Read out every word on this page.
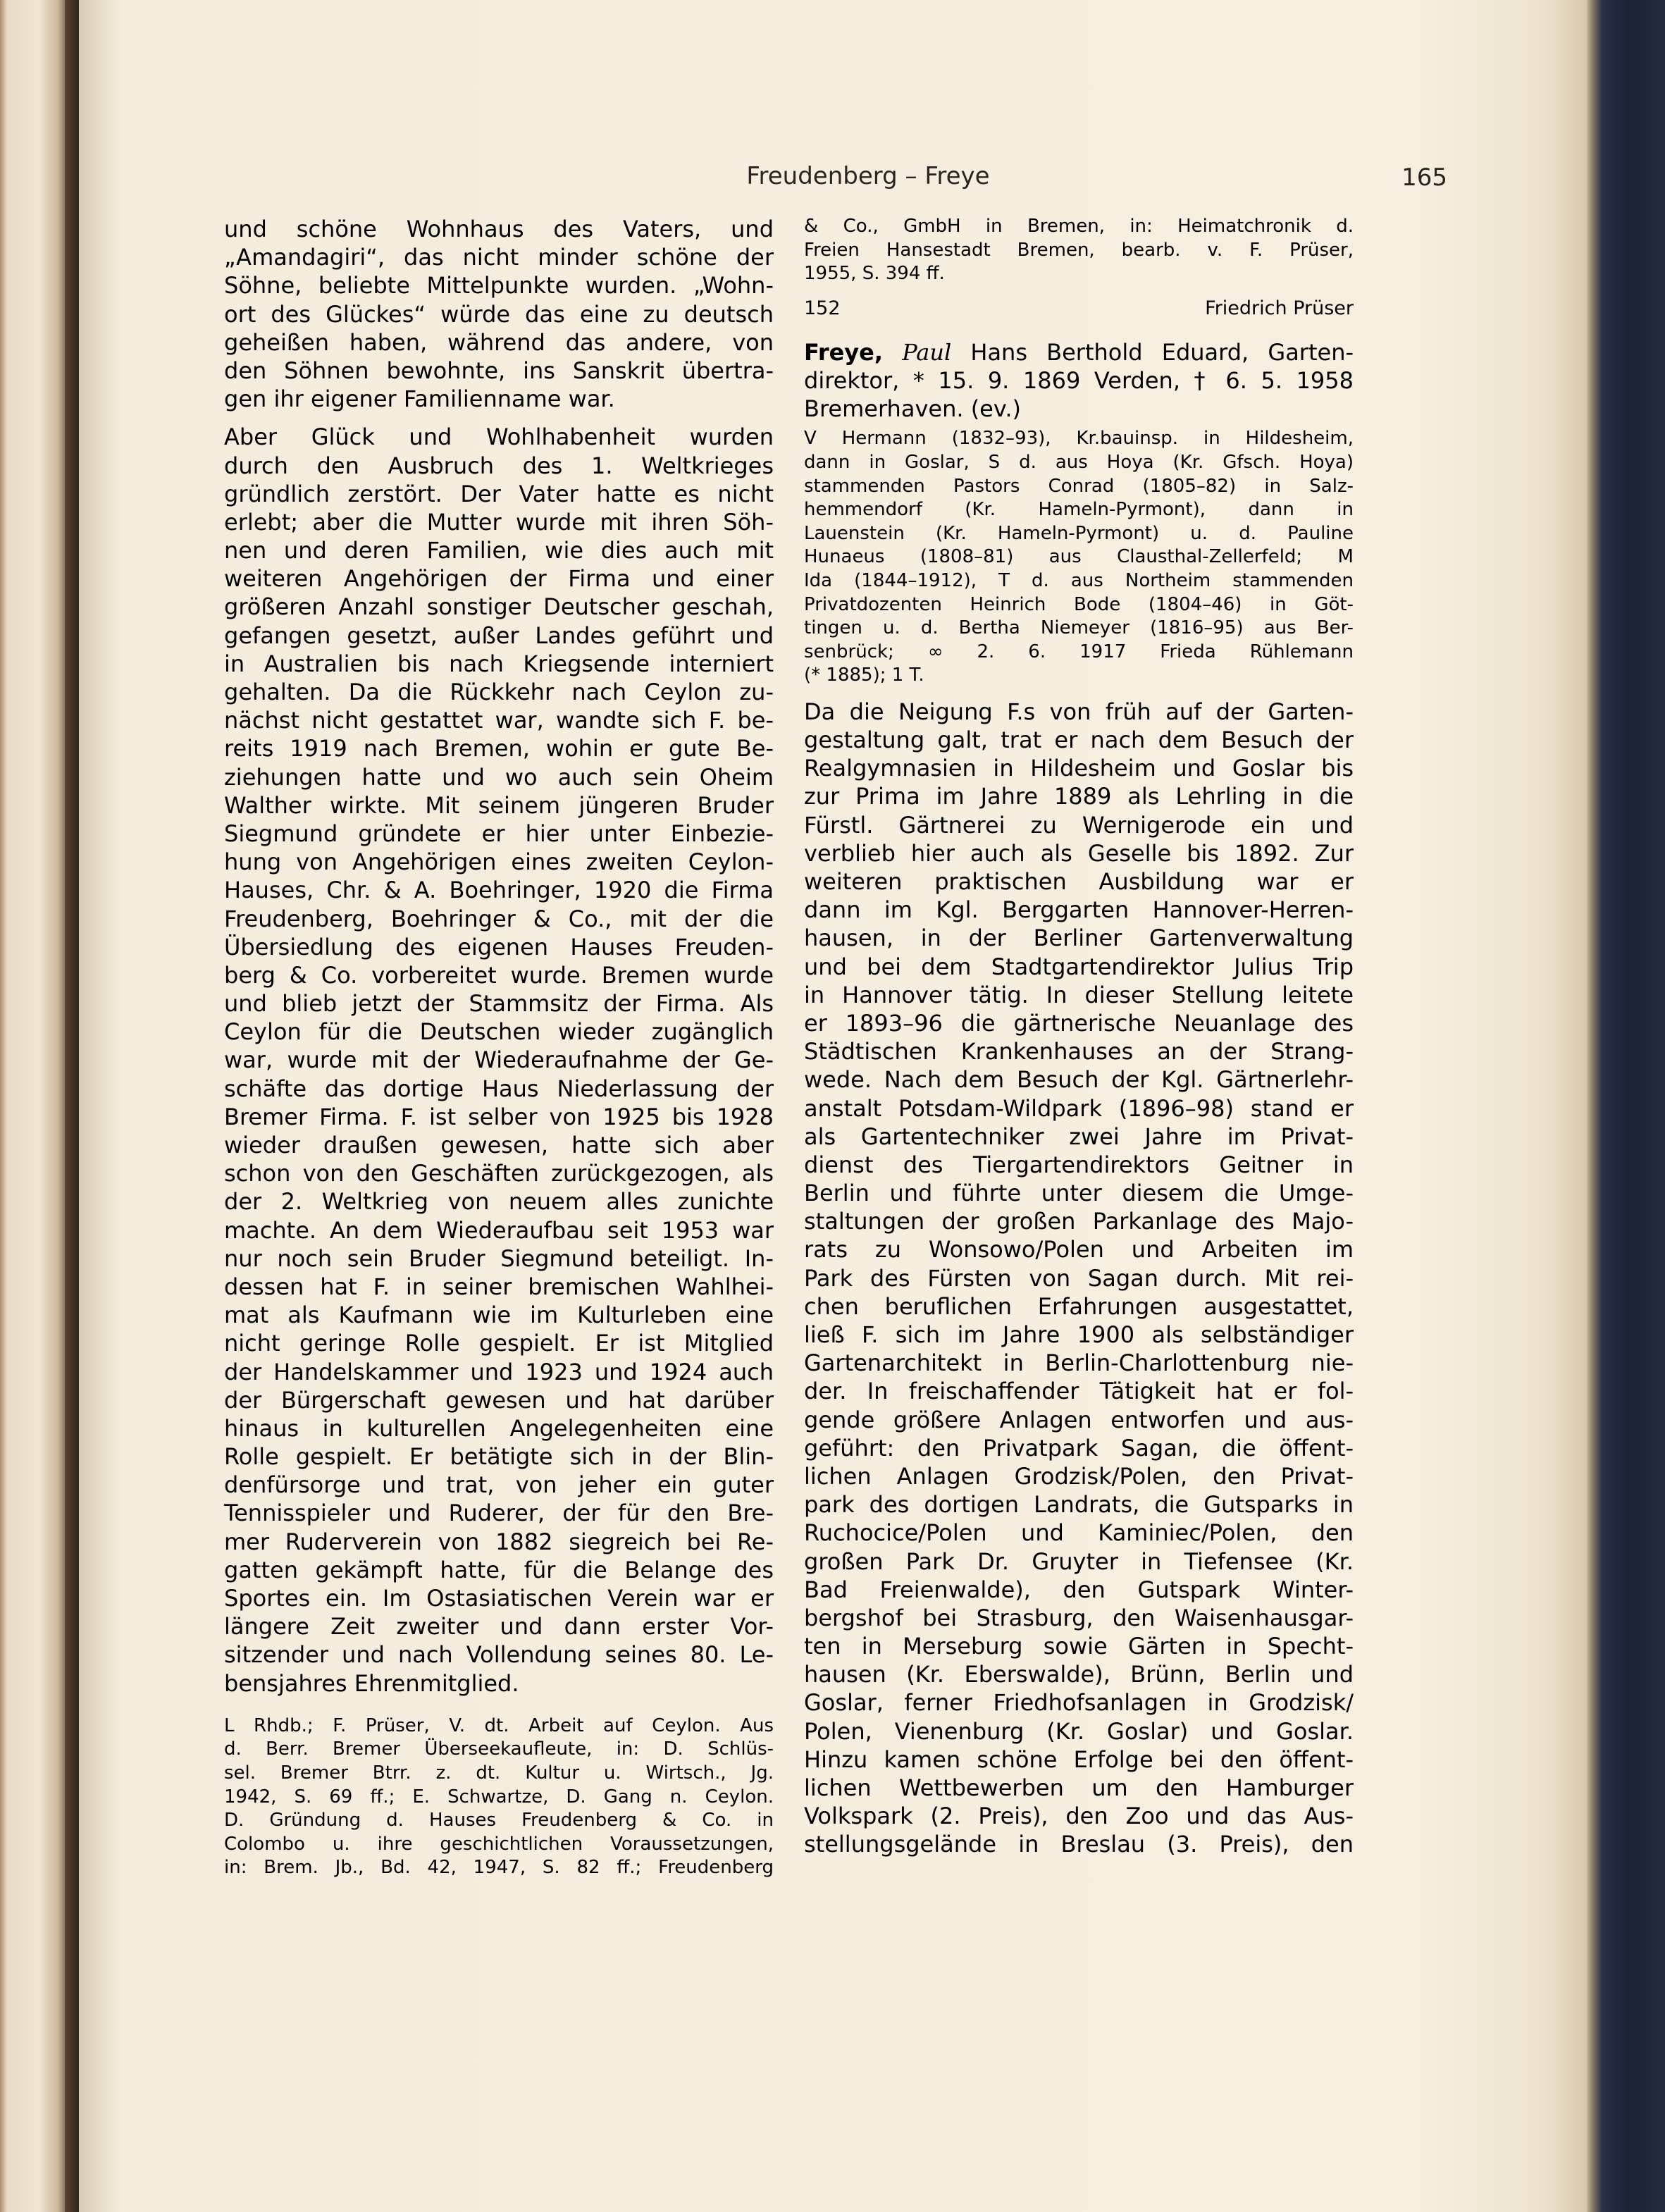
Freudenberg – Freye	165
und schöne Wohnhaus des Vaters, und
„Amandagiri“, das nicht minder schöne der
Söhne, beliebte Mittelpunkte wurden. „Wohn-
ort des Glückes“ würde das eine zu deutsch
geheißen haben, während das andere, von
den Söhnen bewohnte, ins Sanskrit übertra-
gen ihr eigener Familienname war.
Aber Glück und Wohlhabenheit wurden
durch den Ausbruch des 1. Weltkrieges
gründlich zerstört. Der Vater hatte es nicht
erlebt; aber die Mutter wurde mit ihren Söh-
nen und deren Familien, wie dies auch mit
weiteren Angehörigen der Firma und einer
größeren Anzahl sonstiger Deutscher geschah,
gefangen gesetzt, außer Landes geführt und
in Australien bis nach Kriegsende interniert
gehalten. Da die Rückkehr nach Ceylon zu-
nächst nicht gestattet war, wandte sich F. be-
reits 1919 nach Bremen, wohin er gute Be-
ziehungen hatte und wo auch sein Oheim
Walther wirkte. Mit seinem jüngeren Bruder
Siegmund gründete er hier unter Einbezie-
hung von Angehörigen eines zweiten Ceylon-
Hauses, Chr. & A. Boehringer, 1920 die Firma
Freudenberg, Boehringer & Co., mit der die
Übersiedlung des eigenen Hauses Freuden-
berg & Co. vorbereitet wurde. Bremen wurde
und blieb jetzt der Stammsitz der Firma. Als
Ceylon für die Deutschen wieder zugänglich
war, wurde mit der Wiederaufnahme der Ge-
schäfte das dortige Haus Niederlassung der
Bremer Firma. F. ist selber von 1925 bis 1928
wieder draußen gewesen, hatte sich aber
schon von den Geschäften zurückgezogen, als
der 2. Weltkrieg von neuem alles zunichte
machte. An dem Wiederaufbau seit 1953 war
nur noch sein Bruder Siegmund beteiligt. In-
dessen hat F. in seiner bremischen Wahlhei-
mat als Kaufmann wie im Kulturleben eine
nicht geringe Rolle gespielt. Er ist Mitglied
der Handelskammer und 1923 und 1924 auch
der Bürgerschaft gewesen und hat darüber
hinaus in kulturellen Angelegenheiten eine
Rolle gespielt. Er betätigte sich in der Blin-
denfürsorge und trat, von jeher ein guter
Tennisspieler und Ruderer, der für den Bre-
mer Ruderverein von 1882 siegreich bei Re-
gatten gekämpft hatte, für die Belange des
Sportes ein. Im Ostasiatischen Verein war er
längere Zeit zweiter und dann erster Vor-
sitzender und nach Vollendung seines 80. Le-
bensjahres Ehrenmitglied.
L Rhdb.; F. Prüser, V. dt. Arbeit auf Ceylon. Aus
d. Berr. Bremer Überseekaufleute, in: D. Schlüs-
sel. Bremer Btrr. z. dt. Kultur u. Wirtsch., Jg.
1942, S. 69 ff.; E. Schwartze, D. Gang n. Ceylon.
D. Gründung d. Hauses Freudenberg & Co. in
Colombo u. ihre geschichtlichen Voraussetzungen,
in: Brem. Jb., Bd. 42, 1947, S. 82 ff.; Freudenberg
& Co., GmbH in Bremen, in: Heimatchronik d.
Freien Hansestadt Bremen, bearb. v. F. Prüser,
1955, S. 394 ff.
152	Friedrich Prüser
Freye, Paul Hans Berthold Eduard, Garten-
direktor, * 15. 9. 1869 Verden, † 6. 5. 1958
Bremerhaven. (ev.)
V Hermann (1832–93), Kr.bauinsp. in Hildesheim,
dann in Goslar, S d. aus Hoya (Kr. Gfsch. Hoya)
stammenden Pastors Conrad (1805–82) in Salz-
hemmendorf (Kr. Hameln-Pyrmont), dann in
Lauenstein (Kr. Hameln-Pyrmont) u. d. Pauline
Hunaeus (1808–81) aus Clausthal-Zellerfeld; M
Ida (1844–1912), T d. aus Northeim stammenden
Privatdozenten Heinrich Bode (1804–46) in Göt-
tingen u. d. Bertha Niemeyer (1816–95) aus Ber-
senbrück; ∞ 2. 6. 1917 Frieda Rühlemann
(* 1885); 1 T.
Da die Neigung F.s von früh auf der Garten-
gestaltung galt, trat er nach dem Besuch der
Realgymnasien in Hildesheim und Goslar bis
zur Prima im Jahre 1889 als Lehrling in die
Fürstl. Gärtnerei zu Wernigerode ein und
verblieb hier auch als Geselle bis 1892. Zur
weiteren praktischen Ausbildung war er
dann im Kgl. Berggarten Hannover-Herren-
hausen, in der Berliner Gartenverwaltung
und bei dem Stadtgartendirektor Julius Trip
in Hannover tätig. In dieser Stellung leitete
er 1893–96 die gärtnerische Neuanlage des
Städtischen Krankenhauses an der Strang-
wede. Nach dem Besuch der Kgl. Gärtnerlehr-
anstalt Potsdam-Wildpark (1896–98) stand er
als Gartentechniker zwei Jahre im Privat-
dienst des Tiergartendirektors Geitner in
Berlin und führte unter diesem die Umge-
staltungen der großen Parkanlage des Majo-
rats zu Wonsowo/Polen und Arbeiten im
Park des Fürsten von Sagan durch. Mit rei-
chen beruflichen Erfahrungen ausgestattet,
ließ F. sich im Jahre 1900 als selbständiger
Gartenarchitekt in Berlin-Charlottenburg nie-
der. In freischaffender Tätigkeit hat er fol-
gende größere Anlagen entworfen und aus-
geführt: den Privatpark Sagan, die öffent-
lichen Anlagen Grodzisk/Polen, den Privat-
park des dortigen Landrats, die Gutsparks in
Ruchocice/Polen und Kaminiec/Polen, den
großen Park Dr. Gruyter in Tiefensee (Kr.
Bad Freienwalde), den Gutspark Winter-
bergshof bei Strasburg, den Waisenhausgar-
ten in Merseburg sowie Gärten in Specht-
hausen (Kr. Eberswalde), Brünn, Berlin und
Goslar, ferner Friedhofsanlagen in Grodzisk/
Polen, Vienenburg (Kr. Goslar) und Goslar.
Hinzu kamen schöne Erfolge bei den öffent-
lichen Wettbewerben um den Hamburger
Volkspark (2. Preis), den Zoo und das Aus-
stellungsgelände in Breslau (3. Preis), den
